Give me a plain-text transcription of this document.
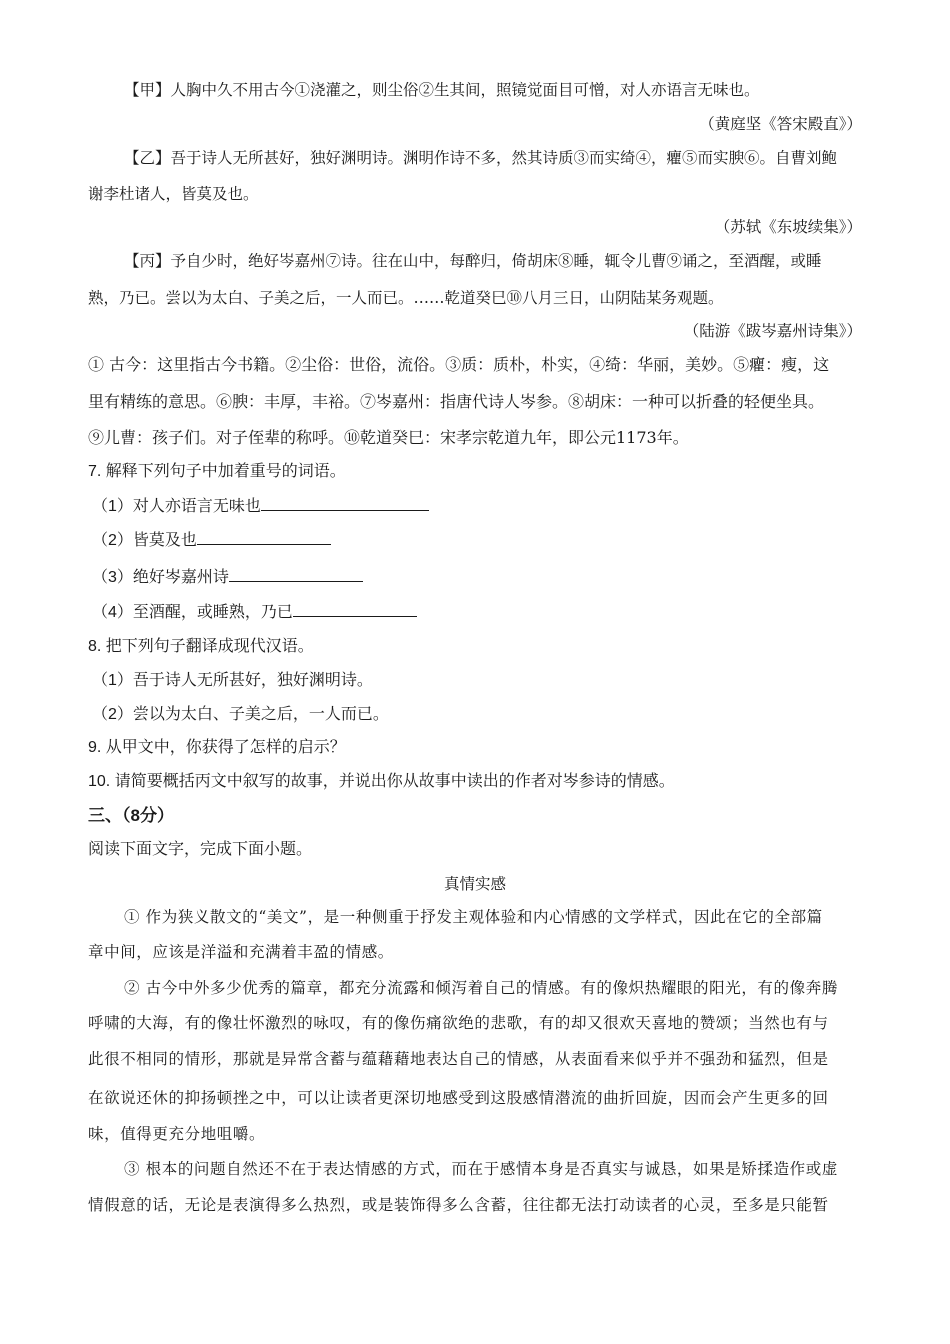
【甲】人胸中久不用古今①浇灌之，则尘俗②生其间，照镜觉面目可憎，对人亦语言无味也。
（黄庭坚《答宋殿直》）
【乙】吾于诗人无所甚好，独好渊明诗。渊明作诗不多，然其诗质③而实绮④，癯⑤而实腴⑥。自曹刘鲍
谢李杜诸人，皆莫及也。
（苏轼《东坡续集》）
【丙】予自少时，绝好岑嘉州⑦诗。往在山中，每醉归，倚胡床⑧睡，辄令儿曹⑨诵之，至酒醒，或睡
熟，乃已。尝以为太白、子美之后，一人而已。……乾道癸巳⑩八月三日，山阴陆某务观题。
（陆游《跋岑嘉州诗集》）
① 古今：这里指古今书籍。②尘俗：世俗，流俗。③质：质朴，朴实，④绮：华丽，美妙。⑤癯：瘦，这
里有精练的意思。⑥腴：丰厚，丰裕。⑦岑嘉州：指唐代诗人岑参。⑧胡床：一种可以折叠的轻便坐具。
⑨儿曹：孩子们。对子侄辈的称呼。⑩乾道癸巳：宋孝宗乾道九年，即公元1173年。
7. 解释下列句子中加着重号的词语。
（1）对人亦语言无味也
（2）皆莫及也
（3）绝好岑嘉州诗
（4）至酒醒，或睡熟，乃已
8. 把下列句子翻译成现代汉语。
（1）吾于诗人无所甚好，独好渊明诗。
（2）尝以为太白、子美之后，一人而已。
9. 从甲文中，你获得了怎样的启示？
10. 请简要概括丙文中叙写的故事，并说出你从故事中读出的作者对岑参诗的情感。
三、（8分）
阅读下面文字，完成下面小题。
真情实感
① 作为狭义散文的“美文”，是一种侧重于抒发主观体验和内心情感的文学样式，因此在它的全部篇
章中间，应该是洋溢和充满着丰盈的情感。
② 古今中外多少优秀的篇章，都充分流露和倾泻着自己的情感。有的像炽热耀眼的阳光，有的像奔腾
呼啸的大海，有的像壮怀激烈的咏叹，有的像伤痛欲绝的悲歌，有的却又很欢天喜地的赞颂；当然也有与
此很不相同的情形，那就是异常含蓄与蕴藉藉地表达自己的情感，从表面看来似乎并不强劲和猛烈，但是
在欲说还休的抑扬顿挫之中，可以让读者更深切地感受到这股感情潜流的曲折回旋，因而会产生更多的回
味，值得更充分地咀嚼。
③ 根本的问题自然还不在于表达情感的方式，而在于感情本身是否真实与诚恳，如果是矫揉造作或虚
情假意的话，无论是表演得多么热烈，或是装饰得多么含蓄，往往都无法打动读者的心灵，至多是只能暂
